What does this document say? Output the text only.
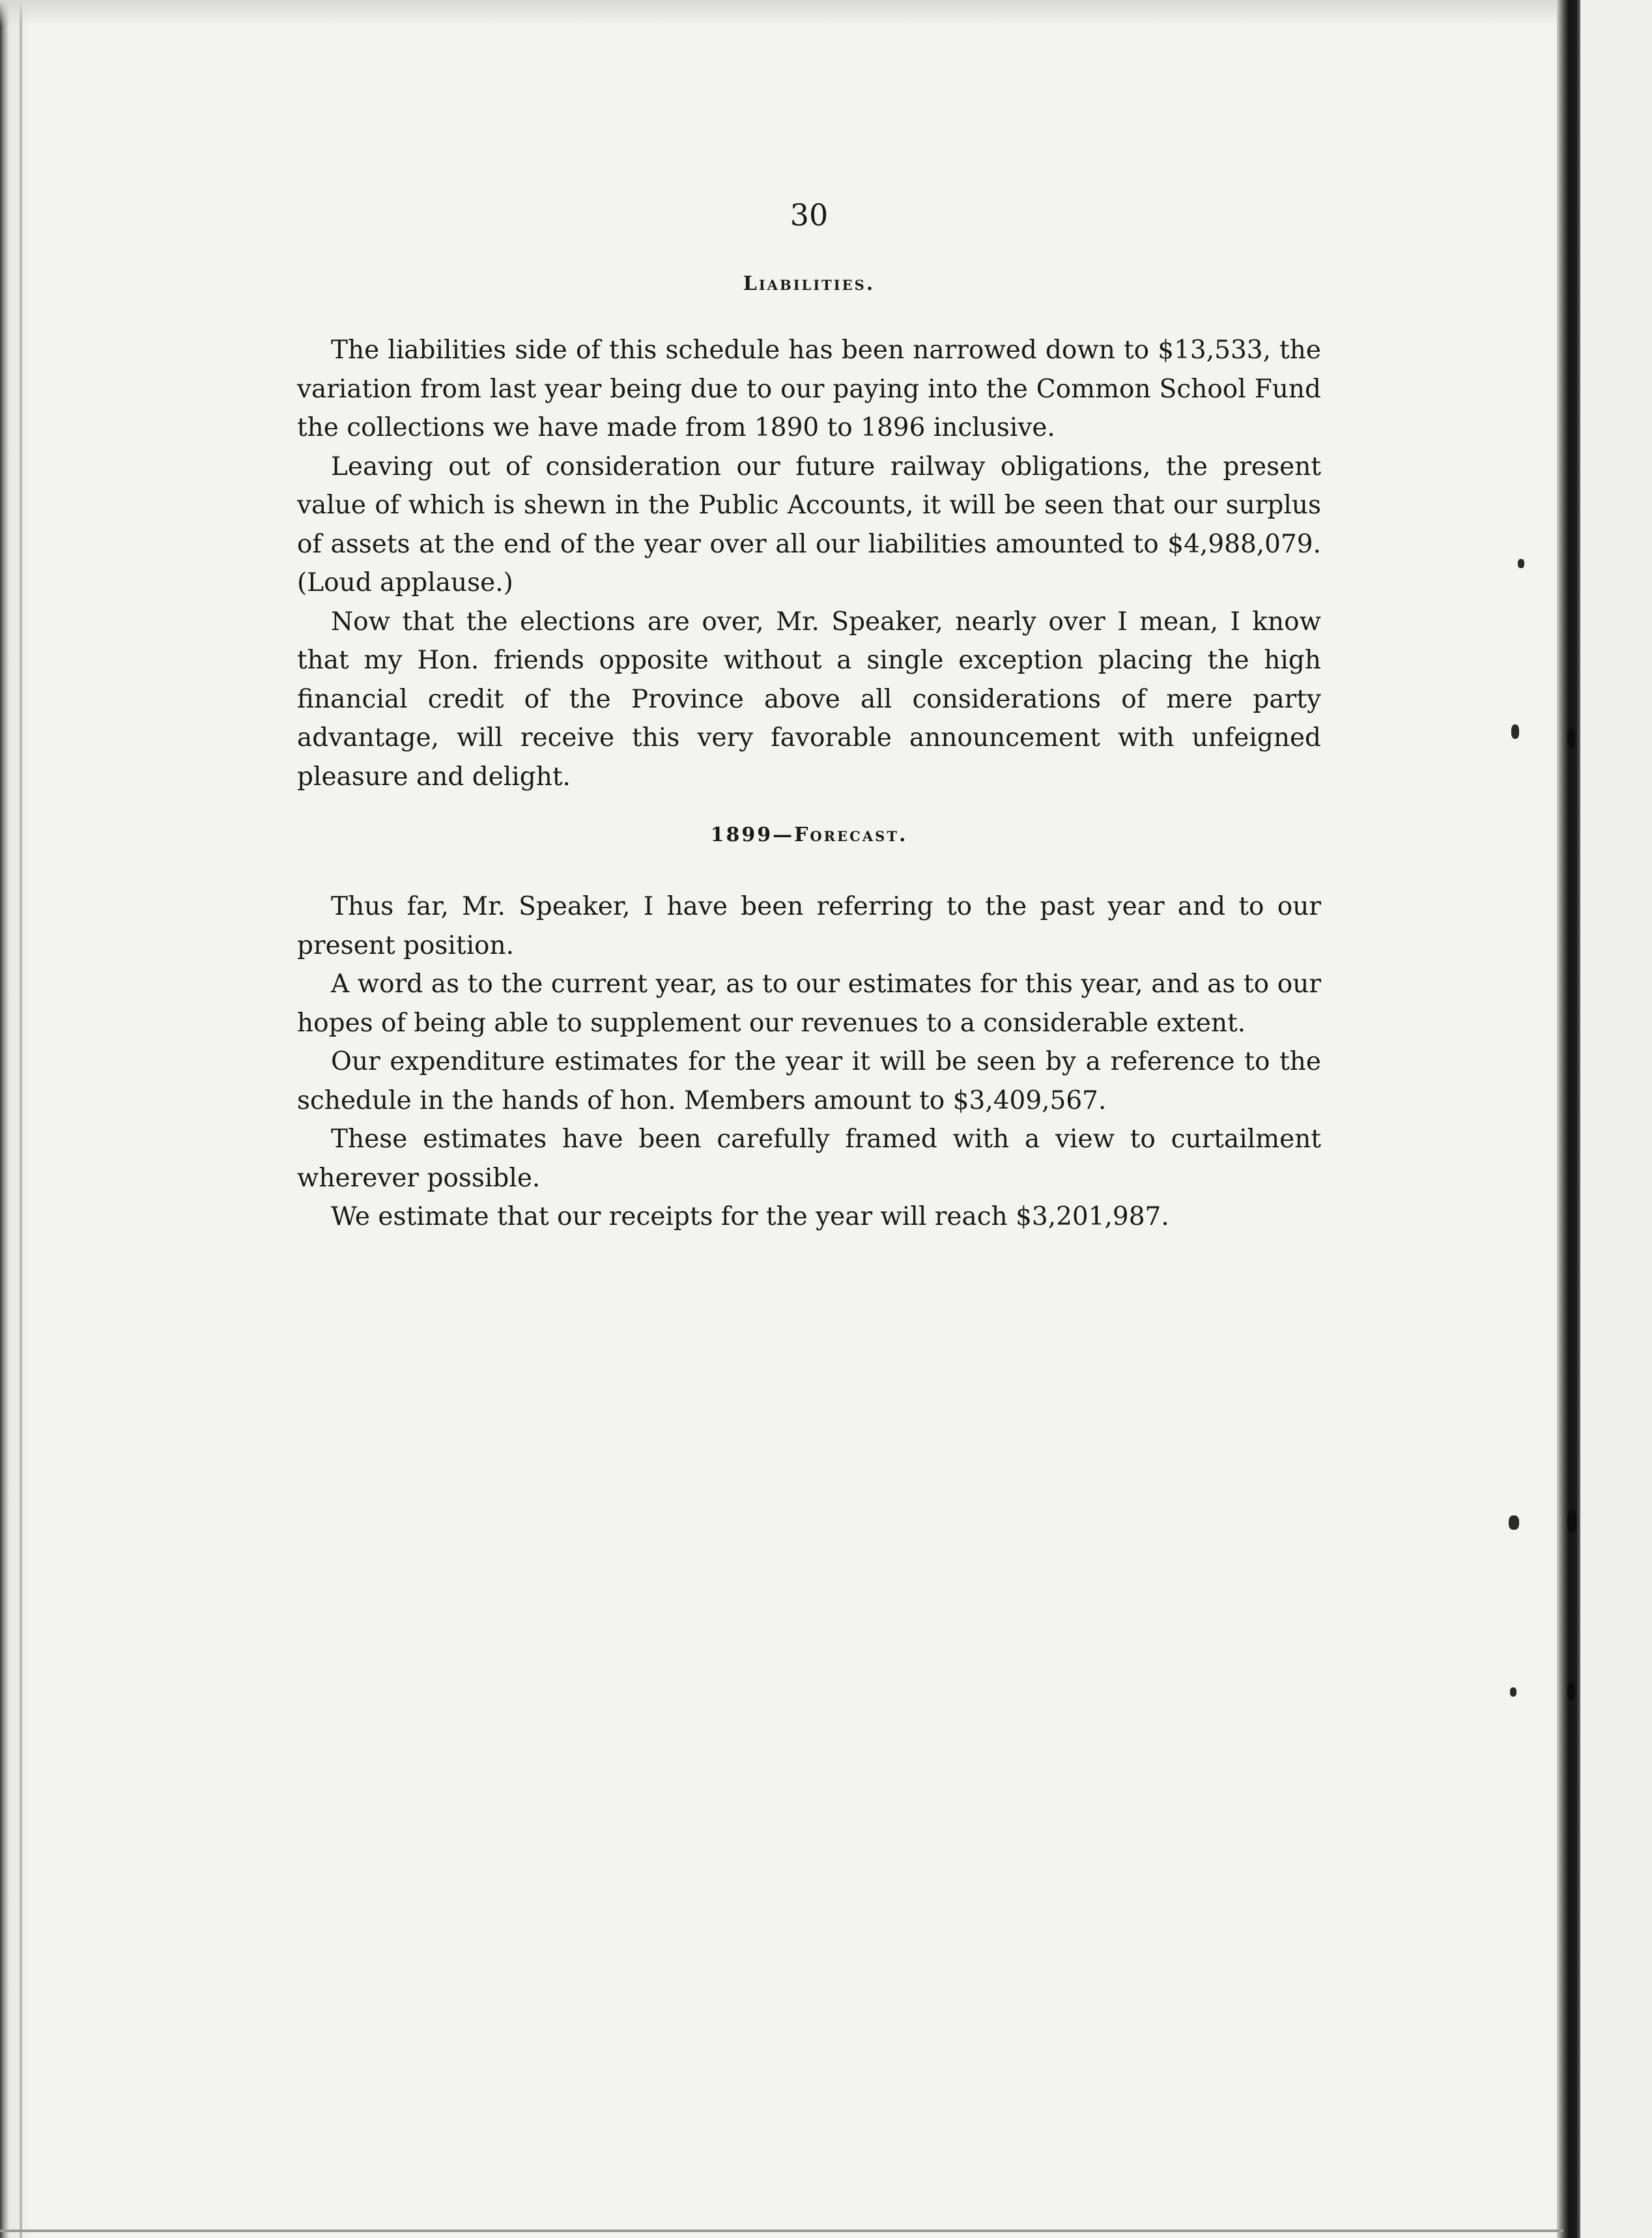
30
Liabilities.

The liabilities side of this schedule has been narrowed down to $13,533, the variation from last year being due to our paying into the Common School Fund the collections we have made from 1890 to 1896 inclusive.

Leaving out of consideration our future railway obligations, the present value of which is shewn in the Public Accounts, it will be seen that our surplus of assets at the end of the year over all our liabilities amounted to $4,988,079. (Loud applause.)

Now that the elections are over, Mr. Speaker, nearly over I mean, I know that my Hon. friends opposite without a single exception placing the high financial credit of the Province above all considerations of mere party advantage, will receive this very favorable announcement with unfeigned pleasure and delight.

1899—Forecast.

Thus far, Mr. Speaker, I have been referring to the past year and to our present position.

A word as to the current year, as to our estimates for this year, and as to our hopes of being able to supplement our revenues to a considerable extent.

Our expenditure estimates for the year it will be seen by a reference to the schedule in the hands of hon. Members amount to $3,409,567.

These estimates have been carefully framed with a view to curtailment wherever possible.

We estimate that our receipts for the year will reach $3,201,987.
